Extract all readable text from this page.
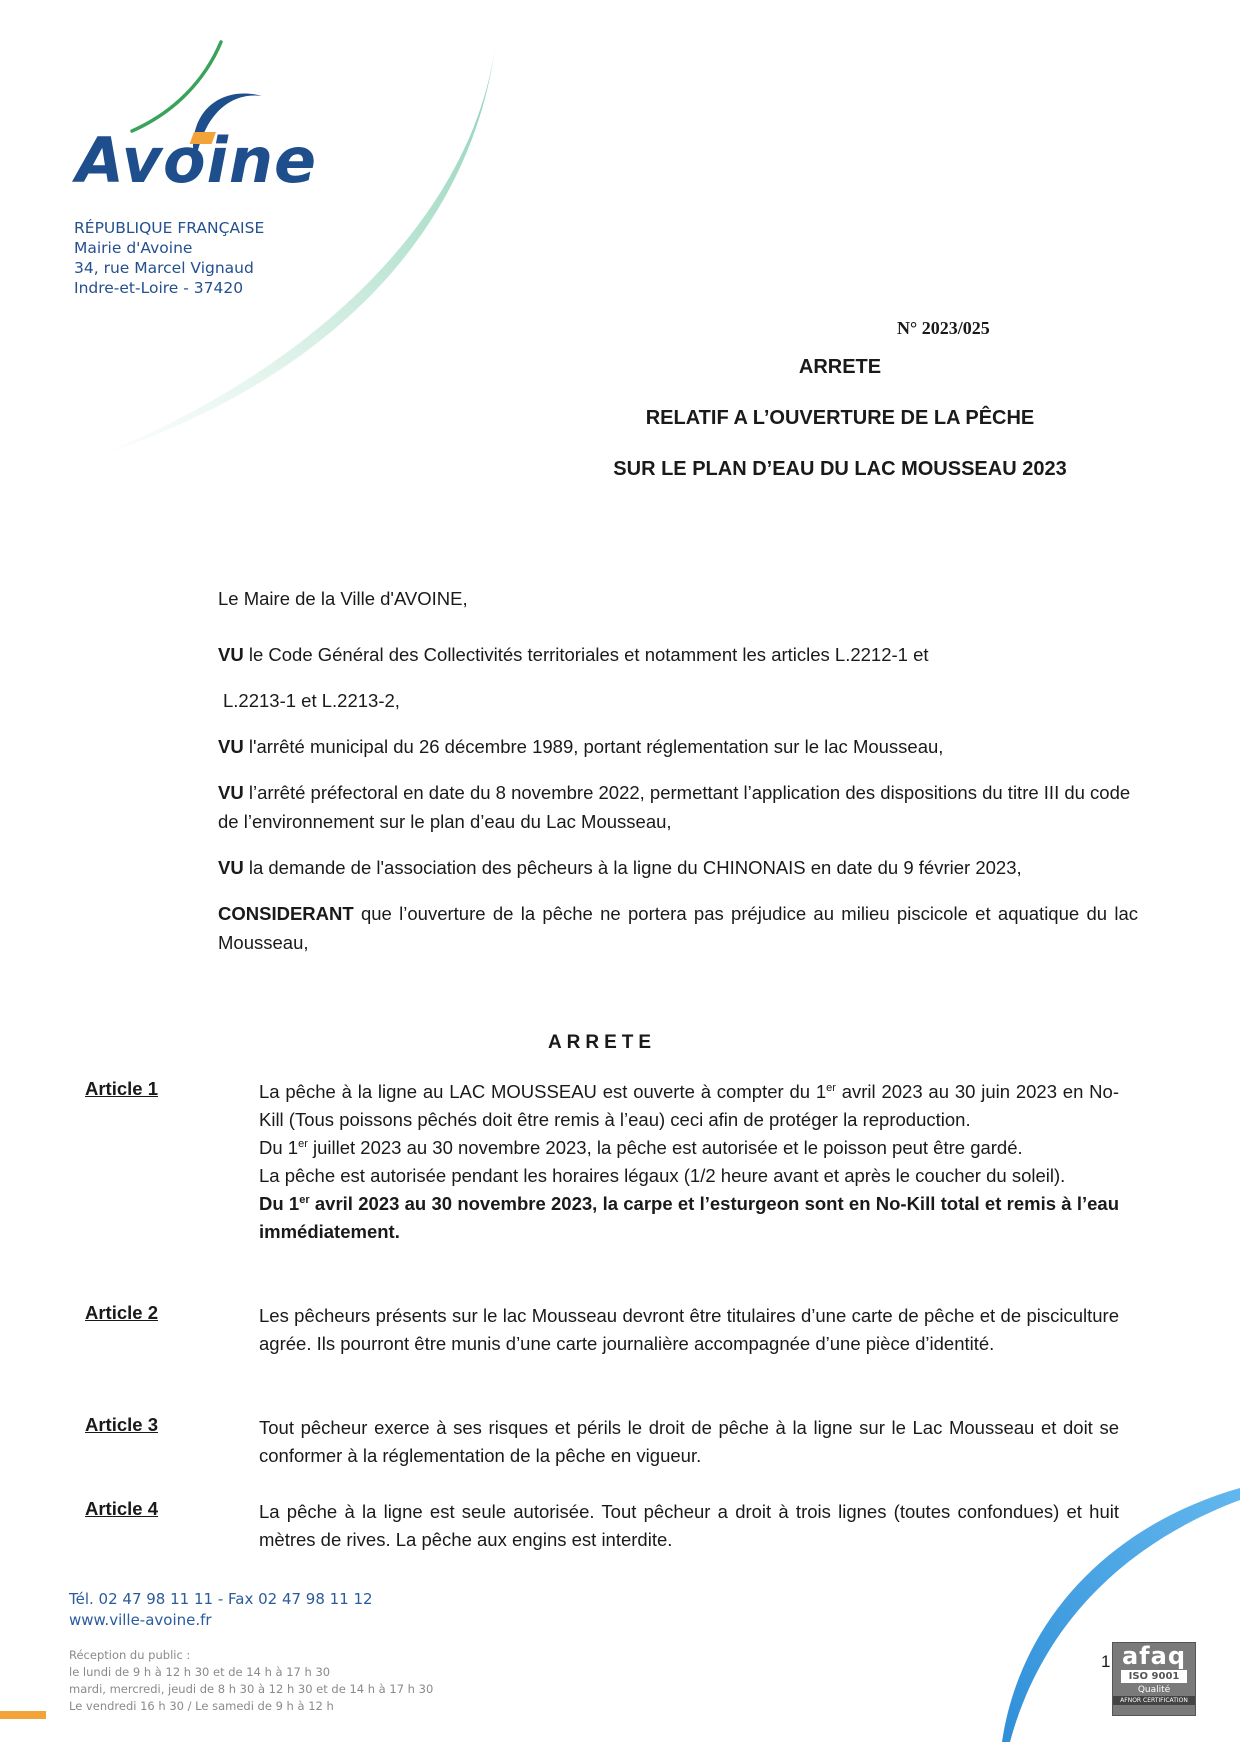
Avoine
RÉPUBLIQUE FRANÇAISE
Mairie d'Avoine
34, rue Marcel Vignaud
Indre-et-Loire - 37420
N° 2023/025
ARRETE
RELATIF A L’OUVERTURE DE LA PÊCHE
SUR LE PLAN D’EAU DU LAC MOUSSEAU 2023

Le Maire de la Ville d'AVOINE,

VU le Code Général des Collectivités territoriales et notamment les articles L.2212-1 et

L.2213-1 et L.2213-2,

VU l'arrêté municipal du 26 décembre 1989, portant réglementation sur le lac Mousseau,

VU l’arrêté préfectoral en date du 8 novembre 2022, permettant l’application des dispositions du titre III du code de l’environnement sur le plan d’eau du Lac Mousseau,

VU la demande de l'association des pêcheurs à la ligne du CHINONAIS en date du 9 février 2023,

CONSIDERANT que l’ouverture de la pêche ne portera pas préjudice au milieu piscicole et aquatique du lac Mousseau,

ARRETE
Article 1	La pêche à la ligne au LAC MOUSSEAU est ouverte à compter du 1er avril 2023 au 30 juin 2023 en No-Kill (Tous poissons pêchés doit être remis à l’eau) ceci afin de protéger la reproduction.

Du 1er juillet 2023 au 30 novembre 2023, la pêche est autorisée et le poisson peut être gardé.

La pêche est autorisée pendant les horaires légaux (1/2 heure avant et après le coucher du soleil).

Du 1er avril 2023 au 30 novembre 2023, la carpe et l’esturgeon sont en No-Kill total et remis à l’eau immédiatement.

Article 2	Les pêcheurs présents sur le lac Mousseau devront être titulaires d’une carte de pêche et de pisciculture agrée. Ils pourront être munis d’une carte journalière accompagnée d’une pièce d’identité.
Article 3	Tout pêcheur exerce à ses risques et périls le droit de pêche à la ligne sur le Lac Mousseau et doit se conformer à la réglementation de la pêche en vigueur.
Article 4	La pêche à la ligne est seule autorisée. Tout pêcheur a droit à trois lignes (toutes confondues) et huit mètres de rives. La pêche aux engins est interdite.
Tél. 02 47 98 11 11 - Fax 02 47 98 11 12
www.ville-avoine.fr
Réception du public :
le lundi de 9 h à 12 h 30 et de 14 h à 17 h 30
mardi, mercredi, jeudi de 8 h 30 à 12 h 30 et de 14 h à 17 h 30
Le vendredi 16 h 30 / Le samedi de 9 h à 12 h
1 afaq
ISO 9001
Qualité
AFNOR CERTIFICATION
